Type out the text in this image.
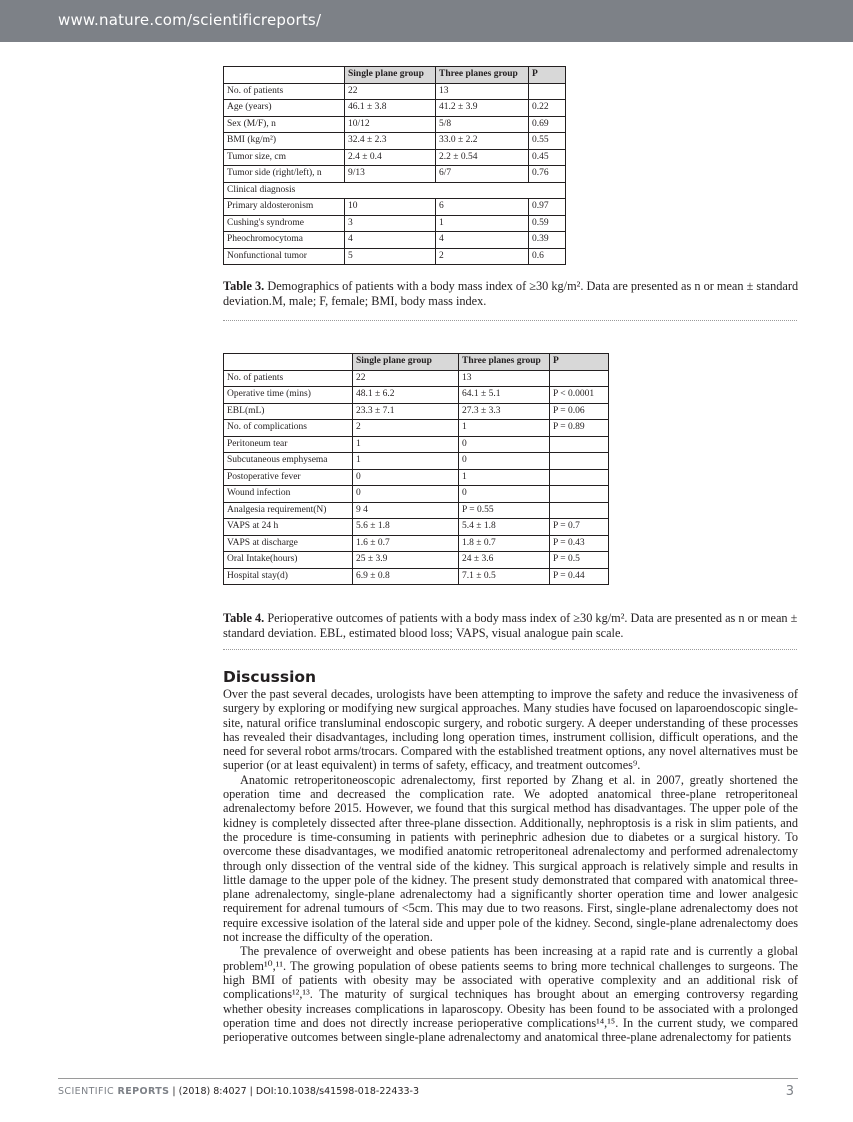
www.nature.com/scientificreports/
	Single plane group	Three planes group	P
No. of patients	22	13	
Age (years)	46.1 ± 3.8	41.2 ± 3.9	0.22
Sex (M/F), n	10/12	5/8	0.69
BMI (kg/m²)	32.4 ± 2.3	33.0 ± 2.2	0.55
Tumor size, cm	2.4 ± 0.4	2.2 ± 0.54	0.45
Tumor side (right/left), n	9/13	6/7	0.76
Clinical diagnosis			
Primary aldosteronism	10	6	0.97
Cushing's syndrome	3	1	0.59
Pheochromocytoma	4	4	0.39
Nonfunctional tumor	5	2	0.6
Table 3. Demographics of patients with a body mass index of ≥30 kg/m². Data are presented as n or mean ± standard deviation.M, male; F, female; BMI, body mass index.
	Single plane group	Three planes group	P
No. of patients	22	13	
Operative time (mins)	48.1 ± 6.2	64.1 ± 5.1	P < 0.0001
EBL(mL)	23.3 ± 7.1	27.3 ± 3.3	P = 0.06
No. of complications	2	1	P = 0.89
Peritoneum tear	1	0	
Subcutaneous emphysema	1	0	
Postoperative fever	0	1	
Wound infection	0	0	
Analgesia requirement(N)	9 4	P = 0.55	
VAPS at 24 h	5.6 ± 1.8	5.4 ± 1.8	P = 0.7
VAPS at discharge	1.6 ± 0.7	1.8 ± 0.7	P = 0.43
Oral Intake(hours)	25 ± 3.9	24 ± 3.6	P = 0.5
Hospital stay(d)	6.9 ± 0.8	7.1 ± 0.5	P = 0.44
Table 4. Perioperative outcomes of patients with a body mass index of ≥30 kg/m². Data are presented as n or mean ± standard deviation. EBL, estimated blood loss; VAPS, visual analogue pain scale.
Discussion

Over the past several decades, urologists have been attempting to improve the safety and reduce the invasiveness of surgery by exploring or modifying new surgical approaches. Many studies have focused on laparoendoscopic single-site, natural orifice transluminal endoscopic surgery, and robotic surgery. A deeper understanding of these processes has revealed their disadvantages, including long operation times, instrument collision, difficult operations, and the need for several robot arms/trocars. Compared with the established treatment options, any novel alternatives must be superior (or at least equivalent) in terms of safety, efficacy, and treatment outcomes⁹.

Anatomic retroperitoneoscopic adrenalectomy, first reported by Zhang et al. in 2007, greatly shortened the operation time and decreased the complication rate. We adopted anatomical three-plane retroperitoneal adrenalectomy before 2015. However, we found that this surgical method has disadvantages. The upper pole of the kidney is completely dissected after three-plane dissection. Additionally, nephroptosis is a risk in slim patients, and the procedure is time-consuming in patients with perinephric adhesion due to diabetes or a surgical history. To overcome these disadvantages, we modified anatomic retroperitoneal adrenalectomy and performed adrenalectomy through only dissection of the ventral side of the kidney. This surgical approach is relatively simple and results in little damage to the upper pole of the kidney. The present study demonstrated that compared with anatomical three-plane adrenalectomy, single-plane adrenalectomy had a significantly shorter operation time and lower analgesic requirement for adrenal tumours of <5cm. This may due to two reasons. First, single-plane adrenalectomy does not require excessive isolation of the lateral side and upper pole of the kidney. Second, single-plane adrenalectomy does not increase the difficulty of the operation.

The prevalence of overweight and obese patients has been increasing at a rapid rate and is currently a global problem¹⁰,¹¹. The growing population of obese patients seems to bring more technical challenges to surgeons. The high BMI of patients with obesity may be associated with operative complexity and an additional risk of complications¹²,¹³. The maturity of surgical techniques has brought about an emerging controversy regarding whether obesity increases complications in laparoscopy. Obesity has been found to be associated with a prolonged operation time and does not directly increase perioperative complications¹⁴,¹⁵. In the current study, we compared perioperative outcomes between single-plane adrenalectomy and anatomical three-plane adrenalectomy for patients

SCIENTIFIC REPORTS | (2018) 8:4027 | DOI:10.1038/s41598-018-22433-3	3
